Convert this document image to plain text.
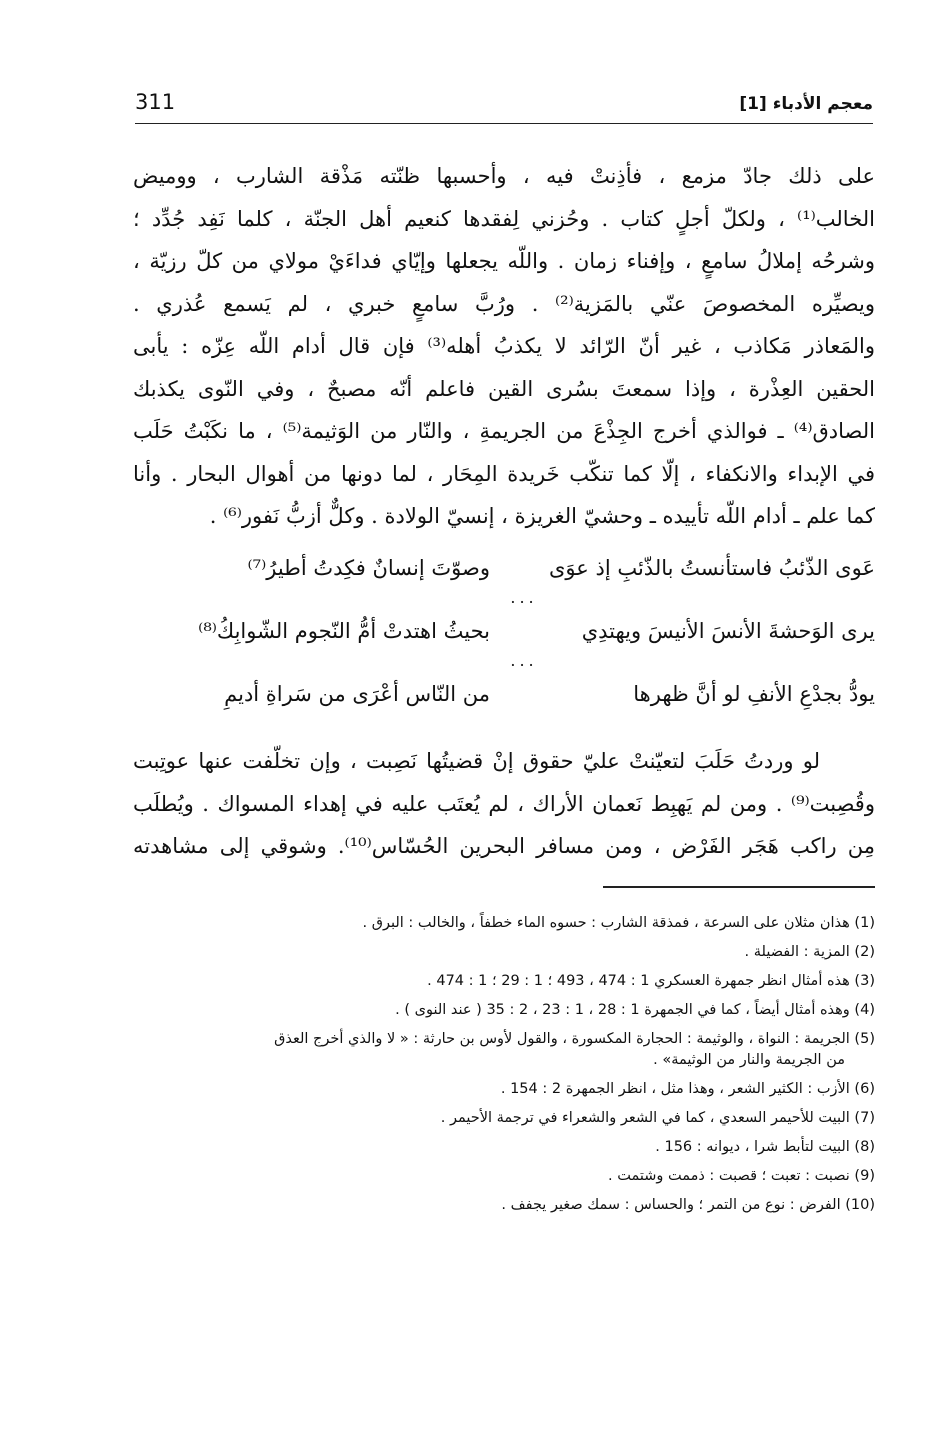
معجم الأدباء [1]
311
على ذلك جادّ مزمع ، فأذِنتْ فيه ، وأحسبها ظنّته مَذْقة الشارب ، ووميض
الخالب⁽¹⁾ ، ولكلّ أجلٍ كتاب . وحُزني لِفقدها كنعيم أهل الجنّة ، كلما نَفِد جُدِّد ؛
وشرحُه إملالُ سامعٍ ، وإفناء زمان . واللّه يجعلها وإيّاي فداءَيْ مولاي من كلّ رزيّة ،
ويصيِّره المخصوصَ عنّي بالمَزية⁽²⁾ . ورُبَّ سامعٍ خبري ، لم يَسمع عُذري .
والمَعاذر مَكاذب ، غير أنّ الرّائد لا يكذبُ أهله⁽³⁾ فإن قال أدام اللّه عِزّه : يأبى
الحقين العِذْرة ، وإذا سمعتَ بسُرى القين فاعلم أنّه مصبحٌ ، وفي النّوى يكذبك
الصادق⁽⁴⁾ ـ فوالذي أخرج الجِذْعَ من الجريمةِ ، والنّار من الوَثيمة⁽⁵⁾ ، ما نكَبْتُ حَلَب
في الإبداء والانكفاء ، إلّا كما تنكّب خَريدة المِحَار ، لما دونها من أهوال البحار . وأنا
كما علم ـ أدام اللّه تأييده ـ وحشيّ الغريزة ، إنسيّ الولادة . وكلٌّ أزبُّ نَفور⁽⁶⁾ .
عَوى الذّئبُ فاستأنستُ بالذّئبِ إذ عوَى
وصوّتَ إنسانٌ فكِدتُ أطيرُ⁽⁷⁾
...
يرى الوَحشةَ الأنسَ الأنيسَ ويهتدِي
بحيثُ اهتدتْ أمُّ النّجوم الشّوابِكُ⁽⁸⁾
...
يودُّ بجدْعِ الأنفِ لو أنَّ ظهرها
من النّاس أعْرَى من سَراةِ أديمِ
لو وردتُ حَلَبَ لتعيّنتْ عليّ حقوق إنْ قضيتُها نَصِبت ، وإن تخلّفت عنها عوتِبت
وقُصِبت⁽⁹⁾ . ومن لم يَهبِط نَعمان الأراك ، لم يُعتَب عليه في إهداء المسواك . ويُطلَب
مِن راكب هَجَر الفَرْض ، ومن مسافر البحرين الحُسّاس⁽¹⁰⁾. وشوقي إلى مشاهدته
(1) هذان مثلان على السرعة ، فمذقة الشارب : حسوه الماء خطفاً ، والخالب : البرق .
(2) المزية : الفضيلة .
(3) هذه أمثال انظر جمهرة العسكري 1 : 474 ، 493 ؛ 1 : 29 ؛ 1 : 474 .
(4) وهذه أمثال أيضاً ، كما في الجمهرة 1 : 28 ، 1 : 23 ، 2 : 35 ( عند النوى ) .
(5) الجريمة : النواة ، والوثيمة : الحجارة المكسورة ، والقول لأوس بن حارثة : « لا والذي أخرج العذق
من الجريمة والنار من الوثيمة» .
(6) الأزب : الكثير الشعر ، وهذا مثل ، انظر الجمهرة 2 : 154 .
(7) البيت للأحيمر السعدي ، كما في الشعر والشعراء في ترجمة الأحيمر .
(8) البيت لتأبط شرا ، ديوانه : 156 .
(9) نصبت : تعبت ؛ قصبت : ذممت وشتمت .
(10) الفرض : نوع من التمر ؛ والحساس : سمك صغير يجفف .
